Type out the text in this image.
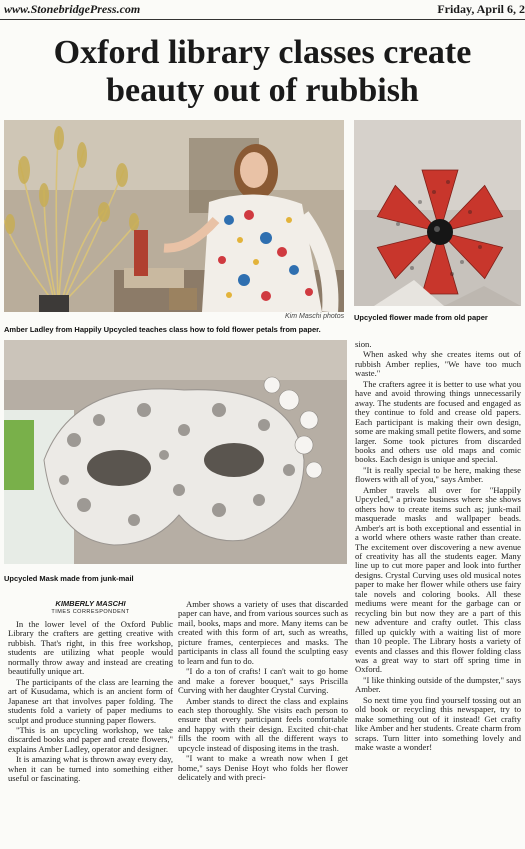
www.StonebridgePress.com	Friday, April 6, 2
Oxford library classes create
beauty out of rubbish
Kim Maschi photos
Amber Ladley from Happily Upcycled teaches class how to fold flower petals from paper.
Upcycled flower made from old paper
Upcycled Mask made from junk-mail
KIMBERLY MASCHI
TIMES CORRESPONDENT

In the lower level of the Oxford Public Library the crafters are getting creative with rubbish. That's right, in this free workshop, students are utilizing what people would normally throw away and instead are creating beautifully unique art.

The participants of the class are learning the art of Kusudama, which is an ancient form of Japanese art that involves paper folding. The students fold a variety of paper mediums to sculpt and produce stunning paper flowers.

"This is an upcycling workshop, we take discarded books and paper and create flowers," explains Amber Ladley, operator and designer.

It is amazing what is thrown away every day, when it can be turned into something either useful or fascinating.

Amber shows a variety of uses that discarded paper can have, and from various sources such as mail, books, maps and more. Many items can be created with this form of art, such as wreaths, picture frames, centerpieces and masks. The participants in class all found the sculpting easy to learn and fun to do.

"I do a ton of crafts! I can't wait to go home and make a forever bouquet," says Priscilla Curving with her daughter Crystal Curving.

Amber stands to direct the class and explains each step thoroughly. She visits each person to ensure that every participant feels comfortable and happy with their design. Excited chit-chat fills the room with all the different ways to upcycle instead of disposing items in the trash.

"I want to make a wreath now when I get home," says Denise Hoyt who folds her flower delicately and with preci-

sion.

When asked why she creates items out of rubbish Amber replies, "We have too much waste."

The crafters agree it is better to use what you have and avoid throwing things unnecessarily away. The students are focused and engaged as they continue to fold and crease old papers. Each participant is making their own design, some are making small petite flowers, and some larger. Some took pictures from discarded books and others use old maps and comic books. Each design is unique and special.

"It is really special to be here, making these flowers with all of you," says Amber.

Amber travels all over for "Happily Upcycled," a private business where she shows others how to create items such as; junk-mail masquerade masks and wallpaper beads. Amber's art is both exceptional and essential in a world where others waste rather than create. The excitement over discovering a new avenue of creativity has all the students eager. Many line up to cut more paper and look into further designs. Crystal Curving uses old musical notes paper to make her flower while others use fairy tale novels and coloring books. All these mediums were meant for the garbage can or recycling bin but now they are a part of this new adventure and crafty outlet. This class filled up quickly with a waiting list of more than 10 people. The Library hosts a variety of events and classes and this flower folding class was a great way to start off spring time in Oxford.

"I like thinking outside of the dumpster," says Amber.

So next time you find yourself tossing out an old book or recycling this newspaper, try to make something out of it instead! Get crafty like Amber and her students. Create charm from scraps. Turn litter into something lovely and make waste a wonder!
